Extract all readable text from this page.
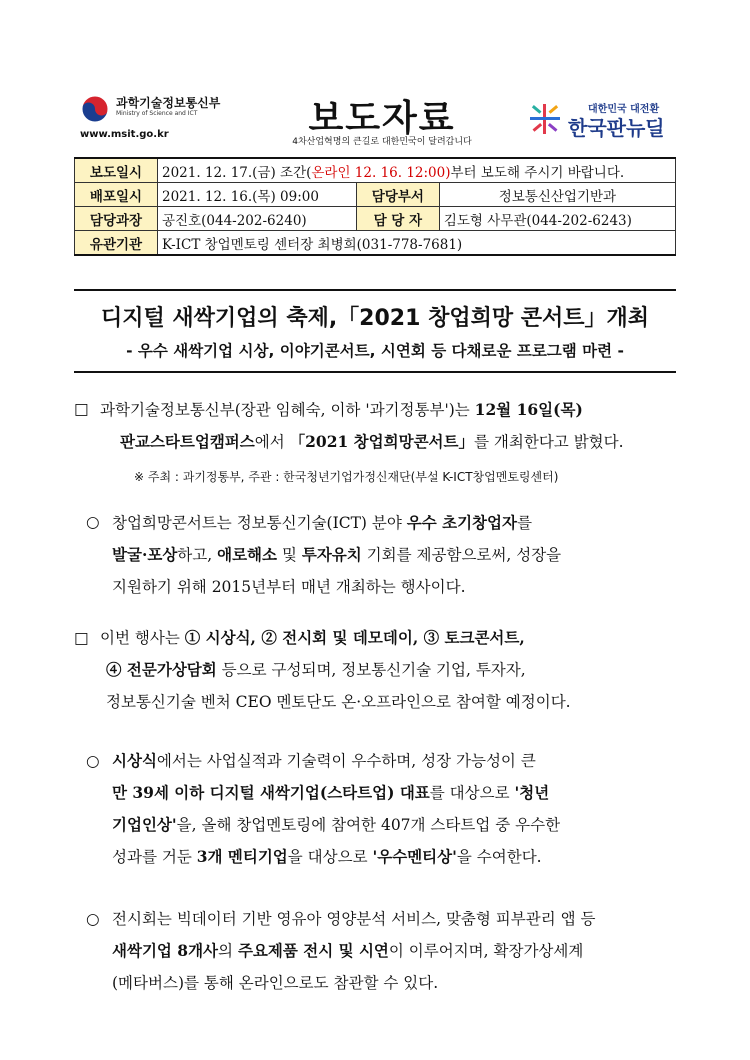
과학기술정보통신부
Ministry of Science and ICT
www.msit.go.kr	보도자료
4차산업혁명의 큰길로 대한민국이 달려갑니다
대한민국 대전환
한국판뉴딜
보도일시	2021. 12. 17.(금) 조간(온라인 12. 16. 12:00)부터 보도해 주시기 바랍니다.		
배포일시	2021. 12. 16.(목) 09:00	담당부서	정보통신산업기반과
담당과장	공진호(044-202-6240)	담 당 자	김도형 사무관(044-202-6243)
유관기관	K-ICT 창업멘토링 센터장 최병희(031-778-7681)		
디지털 새싹기업의 축제,「2021 창업희망 콘서트」개최
- 우수 새싹기업 시상, 이야기콘서트, 시연회 등 다채로운 프로그램 마련 -
□ 과학기술정보통신부(장관 임혜숙, 이하 '과기정통부')는 12월 16일(목)
판교스타트업캠퍼스에서 「2021 창업희망콘서트」를 개최한다고 밝혔다.
※ 주최 : 과기정통부, 주관 : 한국청년기업가정신재단(부설 K-ICT창업멘토링센터)
○ 창업희망콘서트는 정보통신기술(ICT) 분야 우수 초기창업자를
발굴·포상하고, 애로해소 및 투자유치 기회를 제공함으로써, 성장을
지원하기 위해 2015년부터 매년 개최하는 행사이다.
□ 이번 행사는 ① 시상식, ② 전시회 및 데모데이, ③ 토크콘서트,
④ 전문가상담회 등으로 구성되며, 정보통신기술 기업, 투자자,
정보통신기술 벤처 CEO 멘토단도 온·오프라인으로 참여할 예정이다.
○ 시상식에서는 사업실적과 기술력이 우수하며, 성장 가능성이 큰
만 39세 이하 디지털 새싹기업(스타트업) 대표를 대상으로 '청년
기업인상'을, 올해 창업멘토링에 참여한 407개 스타트업 중 우수한
성과를 거둔 3개 멘티기업을 대상으로 '우수멘티상'을 수여한다.
○ 전시회는 빅데이터 기반 영유아 영양분석 서비스, 맞춤형 피부관리 앱 등
새싹기업 8개사의 주요제품 전시 및 시연이 이루어지며, 확장가상세계
(메타버스)를 통해 온라인으로도 참관할 수 있다.
